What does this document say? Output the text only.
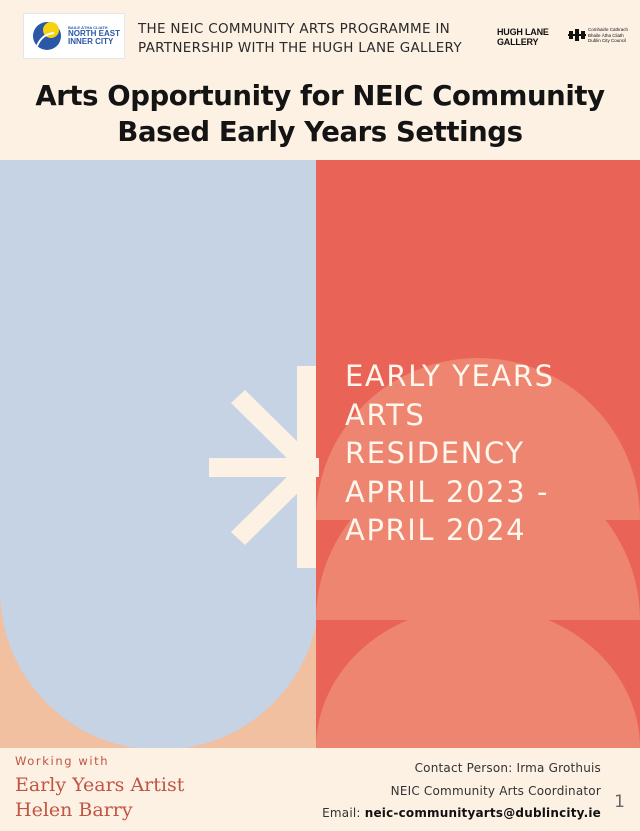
BAILE ÁTHA CLIATH
NORTH EAST
INNER CITY
THE NEIC COMMUNITY ARTS PROGRAMME IN
PARTNERSHIP WITH THE HUGH LANE GALLERY
HUGH LANE
GALLERY
Comhairle Cathrach
Bhaile Átha Cliath
Dublin City Council
Arts Opportunity for NEIC Community
Based Early Years Settings
EARLY YEARS
ARTS
RESIDENCY
APRIL 2023 -
APRIL 2024
Working with
Early Years Artist
Helen Barry
Contact Person: Irma Grothuis
NEIC Community Arts Coordinator
Email: neic-communityarts@dublincity.ie
1
